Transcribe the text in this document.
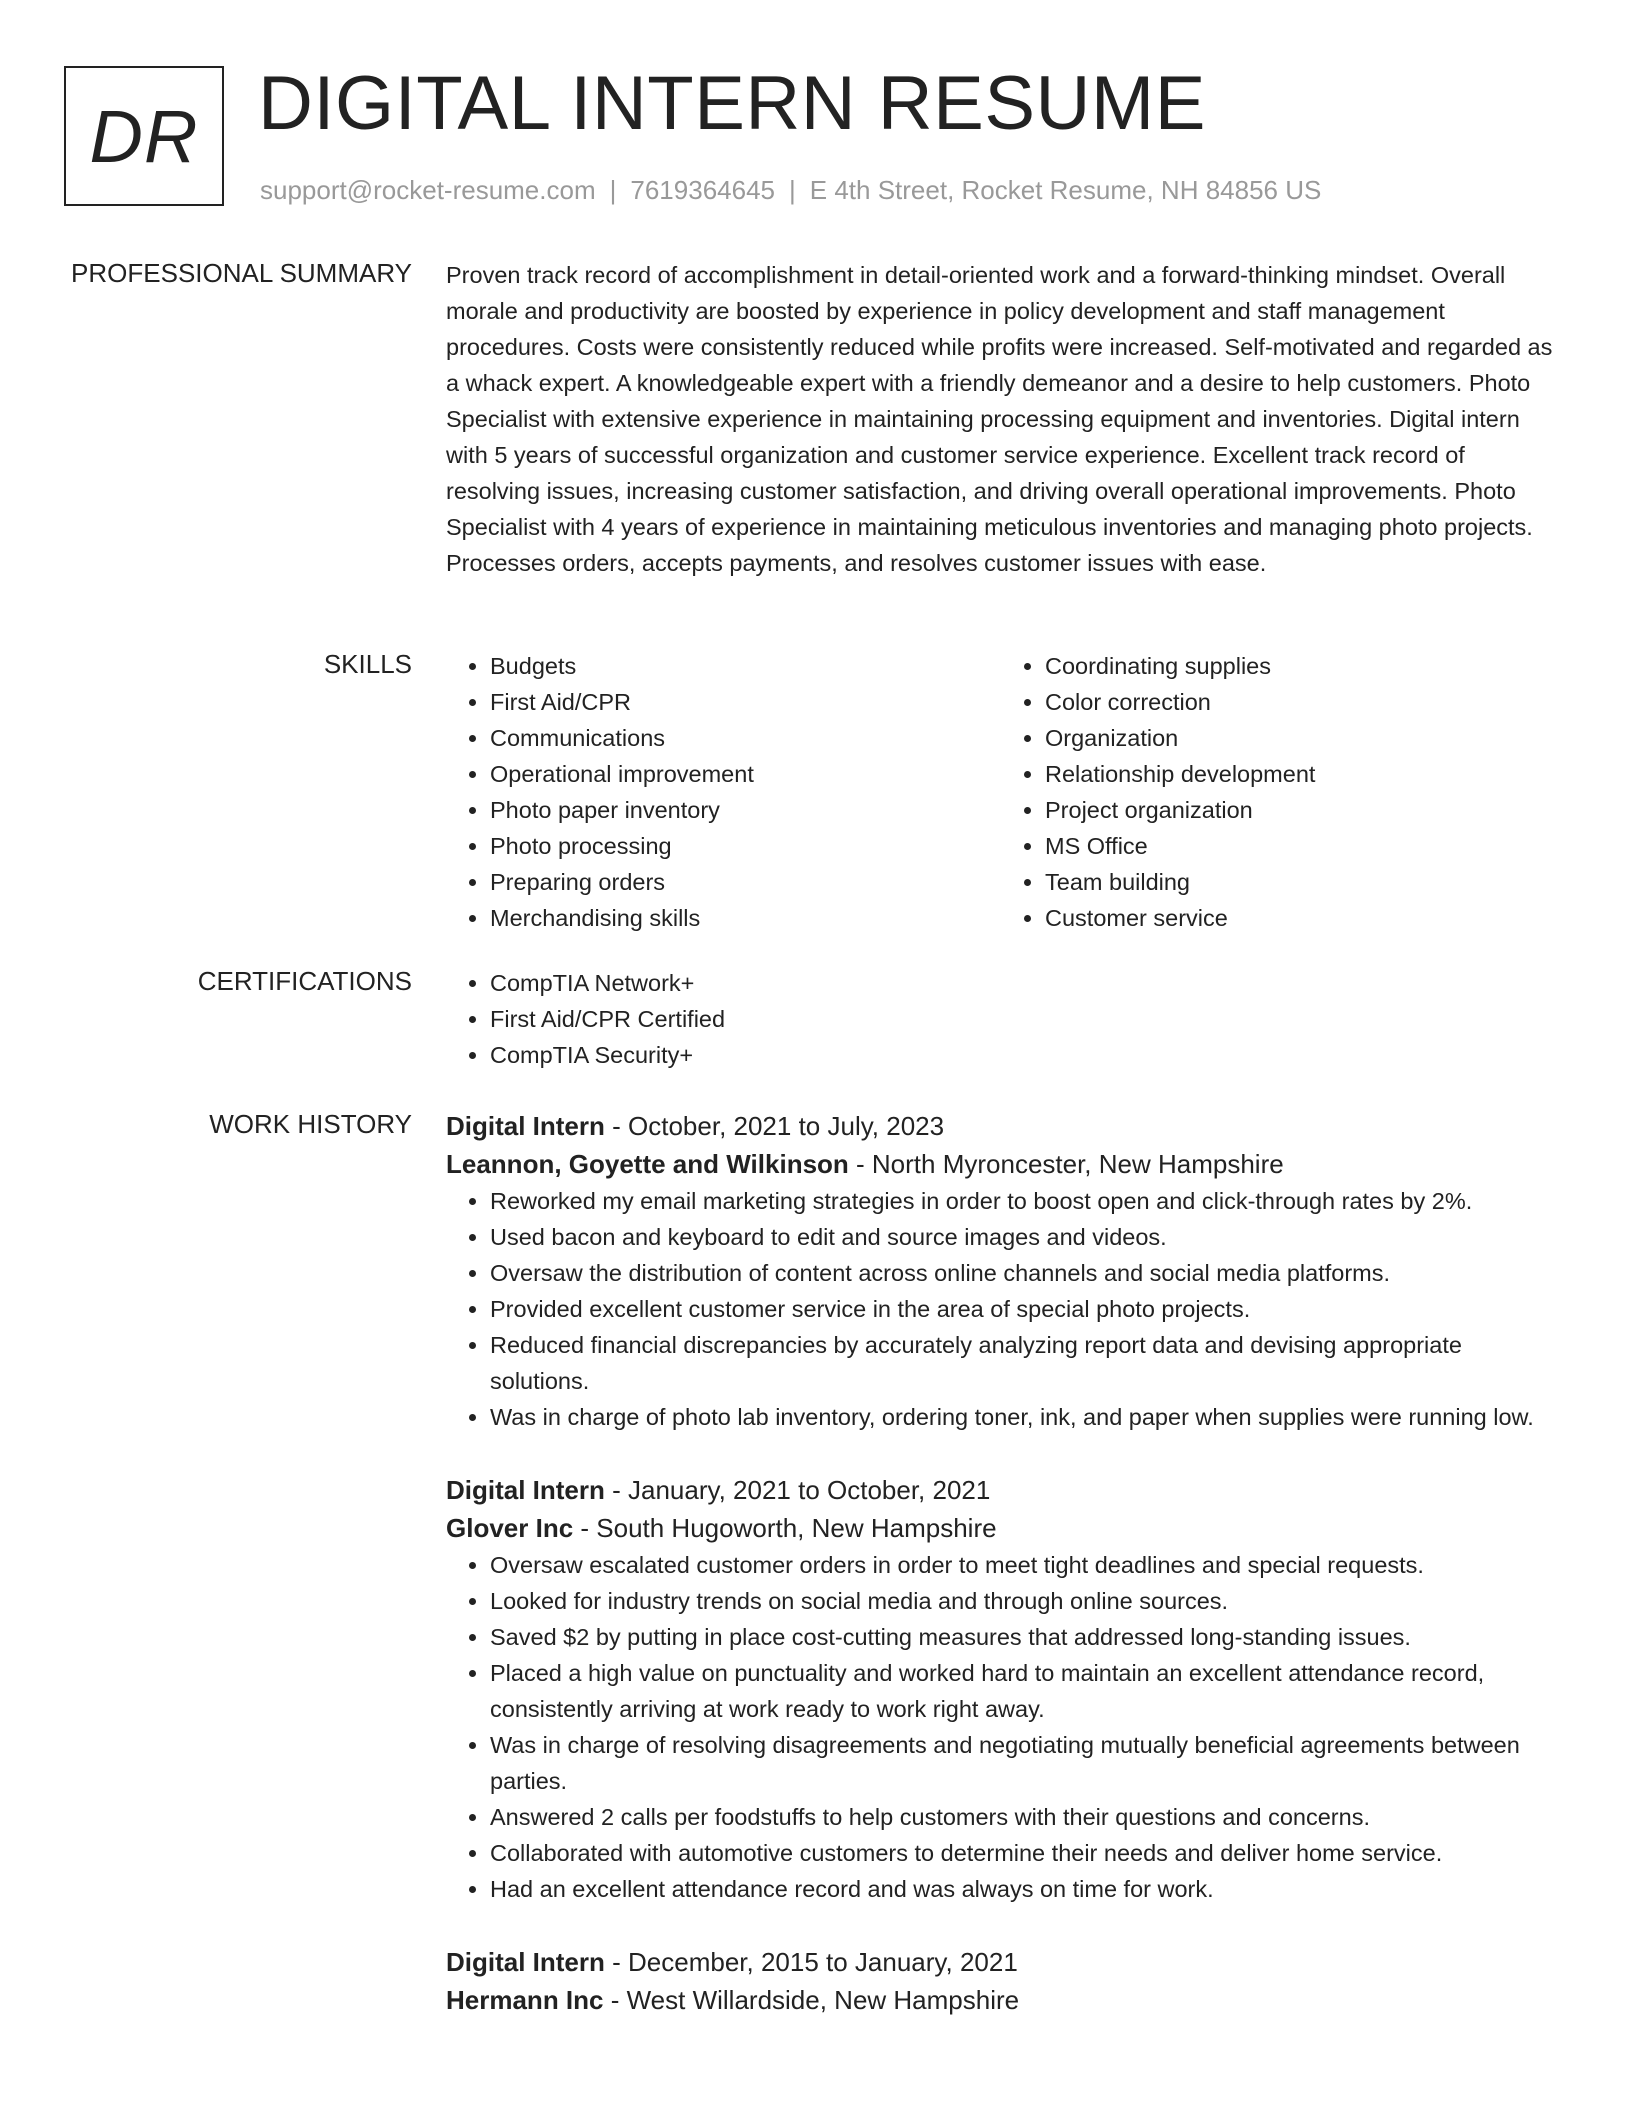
DR DIGITAL INTERN RESUME
support@rocket-resume.com | 7619364645 | E 4th Street, Rocket Resume, NH 84856 US
PROFESSIONAL SUMMARY Proven track record of accomplishment in detail-oriented work and a forward-thinking mindset. Overall morale and productivity are boosted by experience in policy development and staff management procedures. Costs were consistently reduced while profits were increased. Self-motivated and regarded as a whack expert. A knowledgeable expert with a friendly demeanor and a desire to help customers. Photo Specialist with extensive experience in maintaining processing equipment and inventories. Digital intern with 5 years of successful organization and customer service experience. Excellent track record of resolving issues, increasing customer satisfaction, and driving overall operational improvements. Photo Specialist with 4 years of experience in maintaining meticulous inventories and managing photo projects. Processes orders, accepts payments, and resolves customer issues with ease.

SKILLS	• Budgets
• First Aid/CPR
• Communications
• Operational improvement
• Photo paper inventory
• Photo processing
• Preparing orders
• Merchandising skills
• Coordinating supplies
• Color correction
• Organization
• Relationship development
• Project organization
• MS Office
• Team building
• Customer service
CERTIFICATIONS	• CompTIA Network+
• First Aid/CPR Certified
• CompTIA Security+
WORK HISTORY Digital Intern - October, 2021 to July, 2023
Leannon, Goyette and Wilkinson - North Myroncester, New Hampshire
• Reworked my email marketing strategies in order to boost open and click-through rates by 2%.
• Used bacon and keyboard to edit and source images and videos.
• Oversaw the distribution of content across online channels and social media platforms.
• Provided excellent customer service in the area of special photo projects.
• Reduced financial discrepancies by accurately analyzing report data and devising appropriate solutions.
• Was in charge of photo lab inventory, ordering toner, ink, and paper when supplies were running low.
Digital Intern - January, 2021 to October, 2021
Glover Inc - South Hugoworth, New Hampshire
• Oversaw escalated customer orders in order to meet tight deadlines and special requests.
• Looked for industry trends on social media and through online sources.
• Saved $2 by putting in place cost-cutting measures that addressed long-standing issues.
• Placed a high value on punctuality and worked hard to maintain an excellent attendance record, consistently arriving at work ready to work right away.
• Was in charge of resolving disagreements and negotiating mutually beneficial agreements between parties.
• Answered 2 calls per foodstuffs to help customers with their questions and concerns.
• Collaborated with automotive customers to determine their needs and deliver home service.
• Had an excellent attendance record and was always on time for work.
Digital Intern - December, 2015 to January, 2021
Hermann Inc - West Willardside, New Hampshire
